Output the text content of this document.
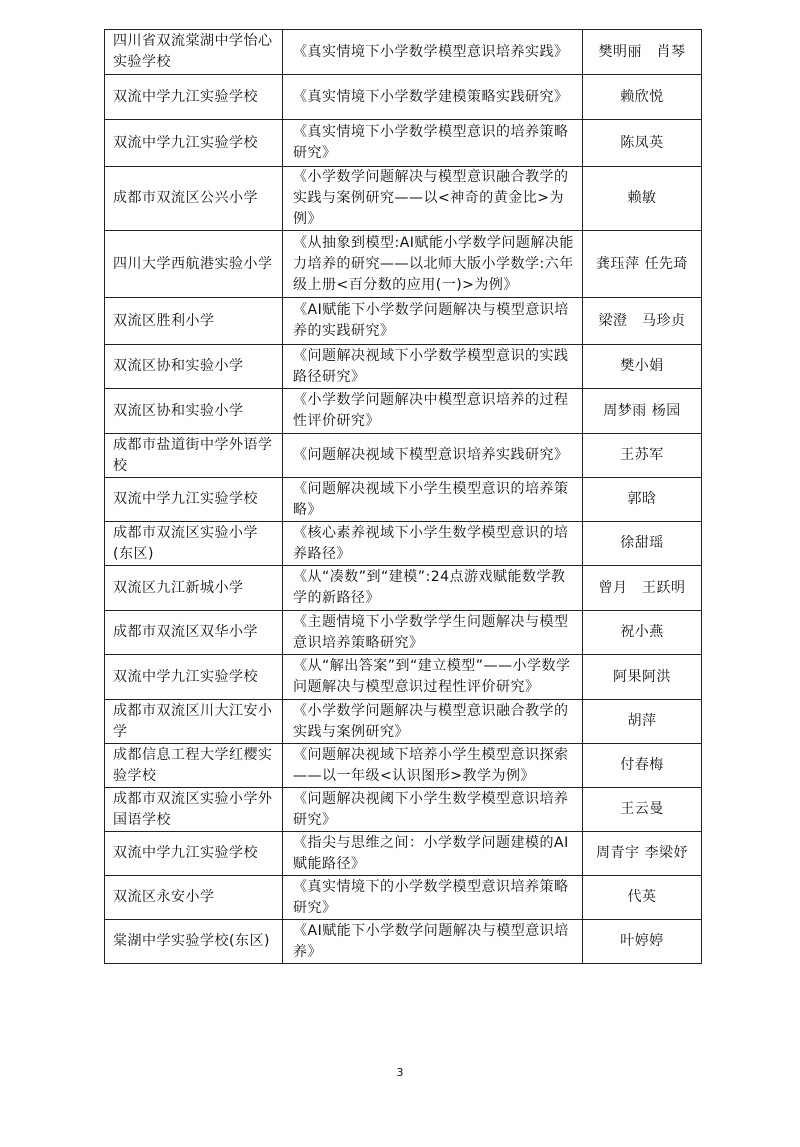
四川省双流棠湖中学怡心实验学校	《真实情境下小学数学模型意识培养实践》	樊明丽　肖琴
双流中学九江实验学校	《真实情境下小学数学建模策略实践研究》	赖欣悦
双流中学九江实验学校	《真实情境下小学数学模型意识的培养策略研究》	陈凤英
成都市双流区公兴小学	《小学数学问题解决与模型意识融合教学的实践与案例研究——以<神奇的黄金比>为例》	赖敏
四川大学西航港实验小学	《从抽象到模型:AI赋能小学数学问题解决能力培养的研究——以北师大版小学数学:六年级上册<百分数的应用(一)>为例》	龚珏萍 任先琦
双流区胜利小学	《AI赋能下小学数学问题解决与模型意识培养的实践研究》	梁澄　马珍贞
双流区协和实验小学	《问题解决视域下小学数学模型意识的实践路径研究》	樊小娟
双流区协和实验小学	《小学数学问题解决中模型意识培养的过程性评价研究》	周梦雨 杨园
成都市盐道街中学外语学校	《问题解决视域下模型意识培养实践研究》	王苏军
双流中学九江实验学校	《问题解决视域下小学生模型意识的培养策略》	郭晗
成都市双流区实验小学(东区)	《核心素养视域下小学生数学模型意识的培养路径》	徐甜瑶
双流区九江新城小学	《从“凑数”到“建模”:24点游戏赋能数学教学的新路径》	曾月　王跃明
成都市双流区双华小学	《主题情境下小学数学学生问题解决与模型意识培养策略研究》	祝小燕
双流中学九江实验学校	《从“解出答案”到“建立模型”——小学数学问题解决与模型意识过程性评价研究》	阿果阿洪
成都市双流区川大江安小学	《小学数学问题解决与模型意识融合教学的实践与案例研究》	胡萍
成都信息工程大学红樱实验学校	《问题解决视域下培养小学生模型意识探索——以一年级<认识图形>教学为例》	付春梅
成都市双流区实验小学外国语学校	《问题解决视阈下小学生数学模型意识培养研究》	王云曼
双流中学九江实验学校	《指尖与思维之间：小学数学问题建模的AI赋能路径》	周青宇 李梁妤
双流区永安小学	《真实情境下的小学数学模型意识培养策略研究》	代英
棠湖中学实验学校(东区)	《AI赋能下小学数学问题解决与模型意识培养》	叶婷婷
3
